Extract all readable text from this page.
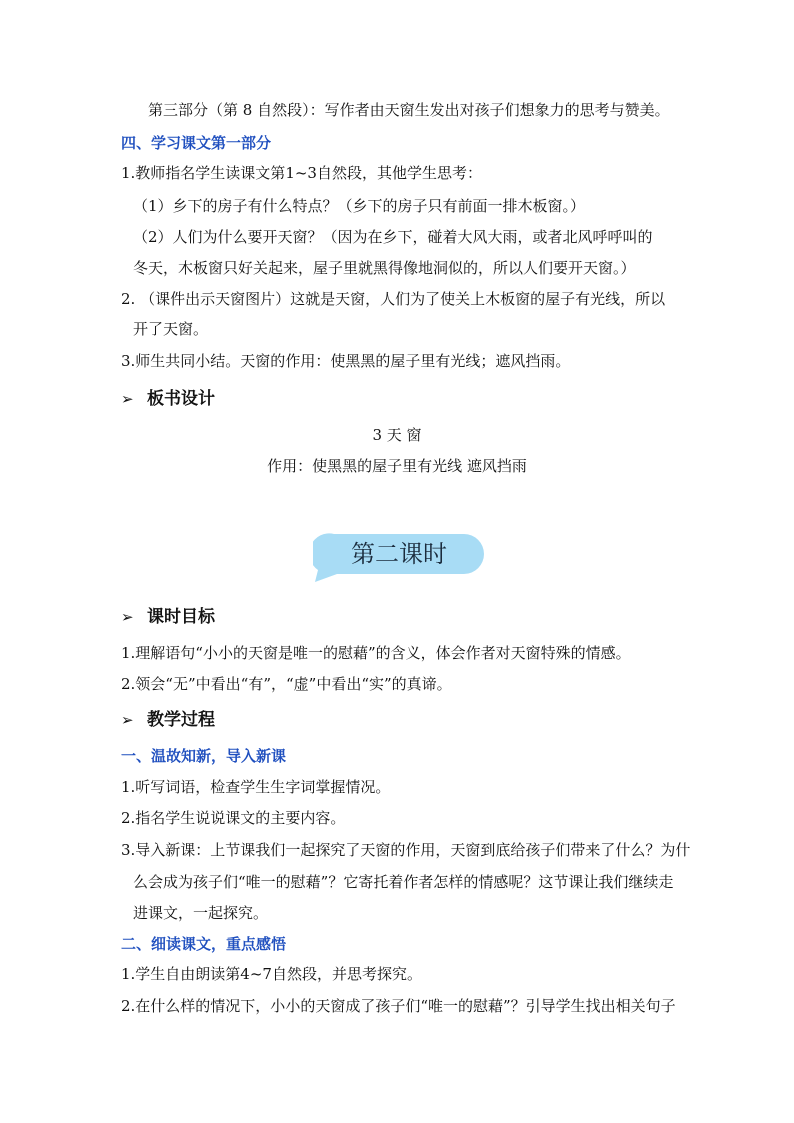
第三部分（第 8 自然段）：写作者由天窗生发出对孩子们想象力的思考与赞美。
四、学习课文第一部分
1.教师指名学生读课文第1~3自然段，其他学生思考：
（1）乡下的房子有什么特点？（乡下的房子只有前面一排木板窗。）
（2）人们为什么要开天窗？（因为在乡下，碰着大风大雨，或者北风呼呼叫的
冬天，木板窗只好关起来，屋子里就黑得像地洞似的，所以人们要开天窗。）
2. （课件出示天窗图片）这就是天窗，人们为了使关上木板窗的屋子有光线，所以
开了天窗。
3.师生共同小结。天窗的作用：使黑黑的屋子里有光线；遮风挡雨。
➢ 板书设计
3 天 窗
作用：使黑黑的屋子里有光线 遮风挡雨
第二课时
➢ 课时目标
1.理解语句“小小的天窗是唯一的慰藉”的含义，体会作者对天窗特殊的情感。
2.领会“无”中看出“有”，“虚”中看出“实”的真谛。
➢ 教学过程
一、温故知新，导入新课
1.听写词语，检查学生生字词掌握情况。
2.指名学生说说课文的主要内容。
3.导入新课：上节课我们一起探究了天窗的作用，天窗到底给孩子们带来了什么？为什
么会成为孩子们“唯一的慰藉”？它寄托着作者怎样的情感呢？这节课让我们继续走
进课文，一起探究。
二、细读课文，重点感悟
1.学生自由朗读第4~7自然段，并思考探究。
2.在什么样的情况下，小小的天窗成了孩子们“唯一的慰藉”？引导学生找出相关句子
